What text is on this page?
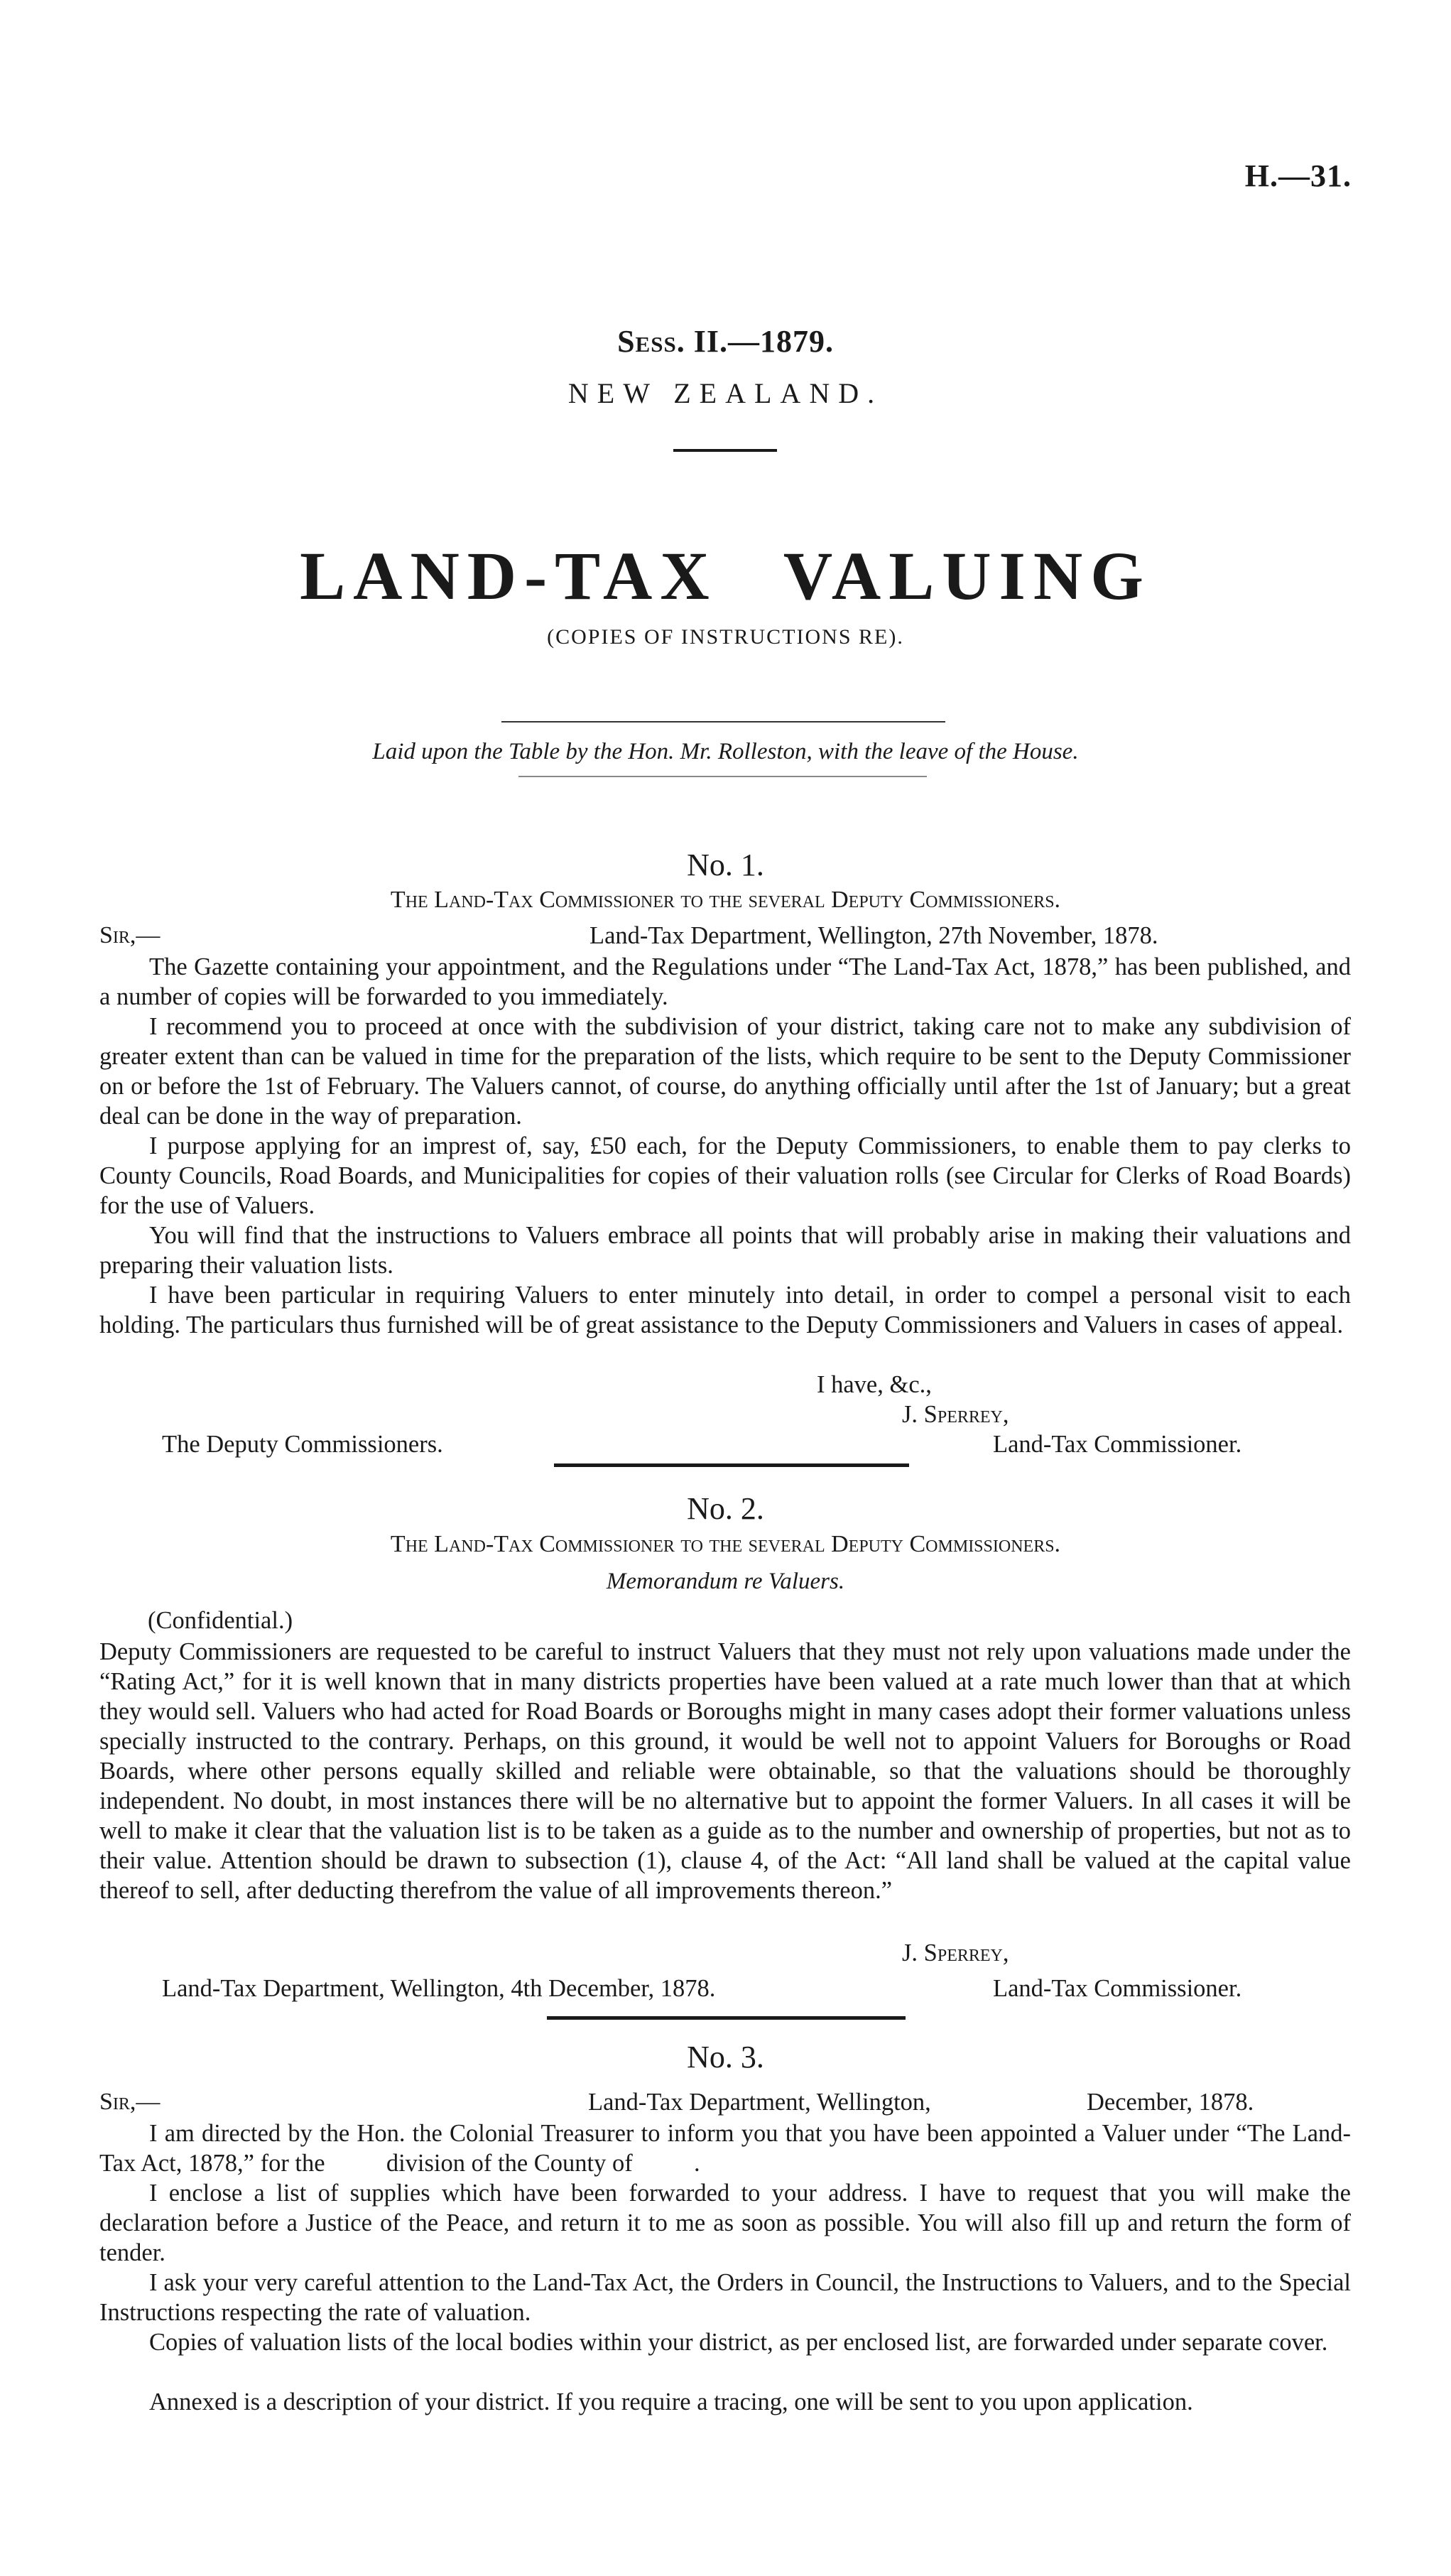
H.—31.
Sess. II.—1879.
NEW ZEALAND.
LAND-TAX VALUING
(COPIES OF INSTRUCTIONS RE).
Laid upon the Table by the Hon. Mr. Rolleston, with the leave of the House.
No. 1.
The Land-Tax Commissioner to the several Deputy Commissioners.
Sir,—	Land-Tax Department, Wellington, 27th November, 1878.

The Gazette containing your appointment, and the Regulations under “The Land-Tax Act, 1878,” has been published, and a number of copies will be forwarded to you immediately.

I recommend you to proceed at once with the subdivision of your district, taking care not to make any subdivision of greater extent than can be valued in time for the preparation of the lists, which require to be sent to the Deputy Commissioner on or before the 1st of February. The Valuers cannot, of course, do anything officially until after the 1st of January; but a great deal can be done in the way of preparation.

I purpose applying for an imprest of, say, £50 each, for the Deputy Commissioners, to enable them to pay clerks to County Councils, Road Boards, and Municipalities for copies of their valuation rolls (see Circular for Clerks of Road Boards) for the use of Valuers.

You will find that the instructions to Valuers embrace all points that will probably arise in making their valuations and preparing their valuation lists.

I have been particular in requiring Valuers to enter minutely into detail, in order to compel a personal visit to each holding. The particulars thus furnished will be of great assistance to the Deputy Commissioners and Valuers in cases of appeal.

I have, &c.,
J. Sperrey,
The Deputy Commissioners.	Land-Tax Commissioner.
No. 2.
The Land-Tax Commissioner to the several Deputy Commissioners.
Memorandum re Valuers.
(Confidential.)

Deputy Commissioners are requested to be careful to instruct Valuers that they must not rely upon valuations made under the “Rating Act,” for it is well known that in many districts properties have been valued at a rate much lower than that at which they would sell. Valuers who had acted for Road Boards or Boroughs might in many cases adopt their former valuations unless specially instructed to the contrary. Perhaps, on this ground, it would be well not to appoint Valuers for Boroughs or Road Boards, where other persons equally skilled and reliable were obtainable, so that the valuations should be thoroughly independent. No doubt, in most instances there will be no alternative but to appoint the former Valuers. In all cases it will be well to make it clear that the valuation list is to be taken as a guide as to the number and ownership of properties, but not as to their value. Attention should be drawn to subsection (1), clause 4, of the Act: “All land shall be valued at the capital value thereof to sell, after deducting therefrom the value of all improvements thereon.”

J. Sperrey,
Land-Tax Department, Wellington, 4th December, 1878.	Land-Tax Commissioner.
No. 3.
Sir,—	Land-Tax Department, Wellington,	December, 1878.

I am directed by the Hon. the Colonial Treasurer to inform you that you have been appointed a Valuer under “The Land-Tax Act, 1878,” for the          division of the County of          .

I enclose a list of supplies which have been forwarded to your address. I have to request that you will make the declaration before a Justice of the Peace, and return it to me as soon as possible. You will also fill up and return the form of tender.

I ask your very careful attention to the Land-Tax Act, the Orders in Council, the Instructions to Valuers, and to the Special Instructions respecting the rate of valuation.

Copies of valuation lists of the local bodies within your district, as per enclosed list, are forwarded under separate cover.

Annexed is a description of your district. If you require a tracing, one will be sent to you upon application.
